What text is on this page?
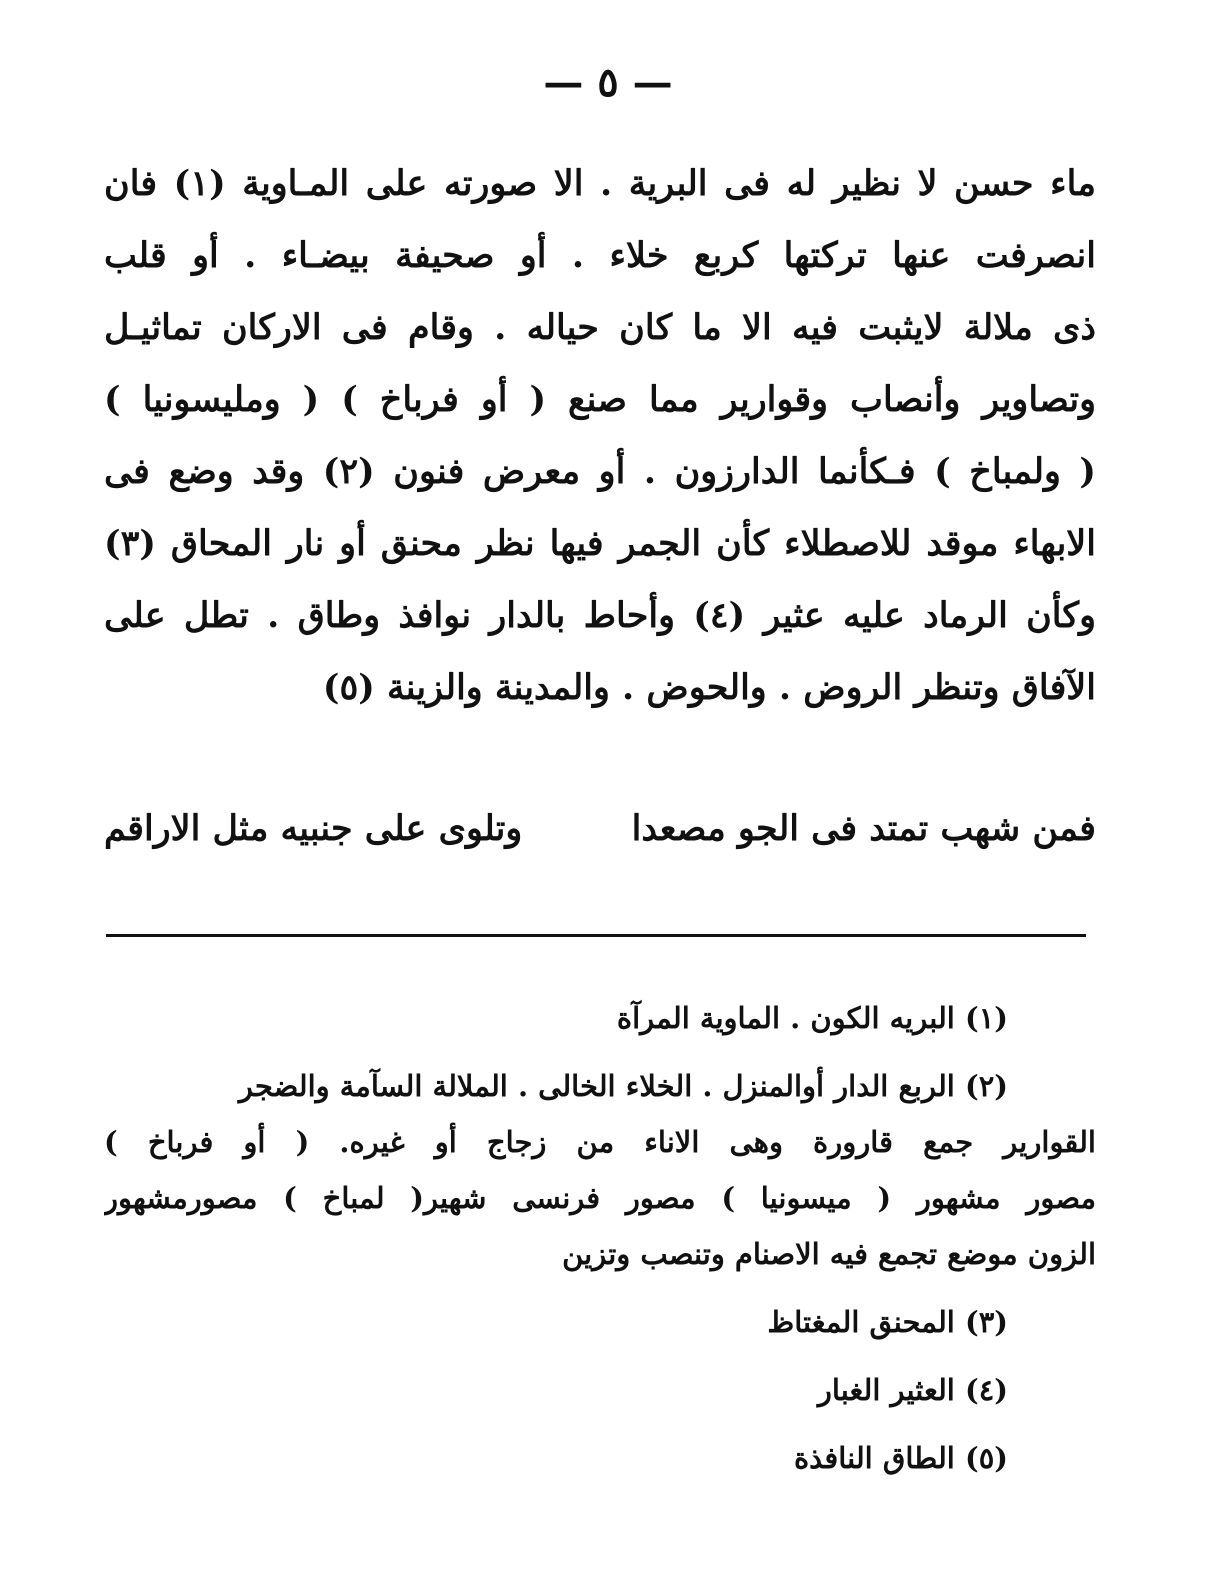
— ٥ —
ماء حسن لا نظير له فى البرية . الا صورته على المـاوية (١) فان
انصرفت عنها تركتها كربع خلاء . أو صحيفة بيضـاء . أو قلب
ذى ملالة لايثبت فيه الا ما كان حياله . وقام فى الاركان تماثيـل
وتصاوير وأنصاب وقوارير مما صنع ( أو فرباخ ) ( ومليسونيا )
( ولمباخ ) فـكأنما الدارزون . أو معرض فنون (٢) وقد وضع فى
الابهاء موقد للاصطلاء كأن الجمر فيها نظر محنق أو نار المحاق (٣)
وكأن الرماد عليه عثير (٤) وأحاط بالدار نوافذ وطاق . تطل على
الآفاق وتنظر الروض . والحوض . والمدينة والزينة (٥)
فمن شهب تمتد فى الجو مصعدا
وتلوى على جنبيه مثل الاراقم
(١) البريه الكون . الماوية المرآة
(٢) الربع الدار أوالمنزل . الخلاء الخالى . الملالة السآمة والضجر
القوارير جمع قارورة وهى الاناء من زجاج أو غيره. ( أو فرباخ )
مصور مشهور ( ميسونيا ) مصور فرنسى شهير( لمباخ ) مصورمشهور
الزون موضع تجمع فيه الاصنام وتنصب وتزين
(٣) المحنق المغتاظ
(٤) العثير الغبار
(٥) الطاق النافذة
